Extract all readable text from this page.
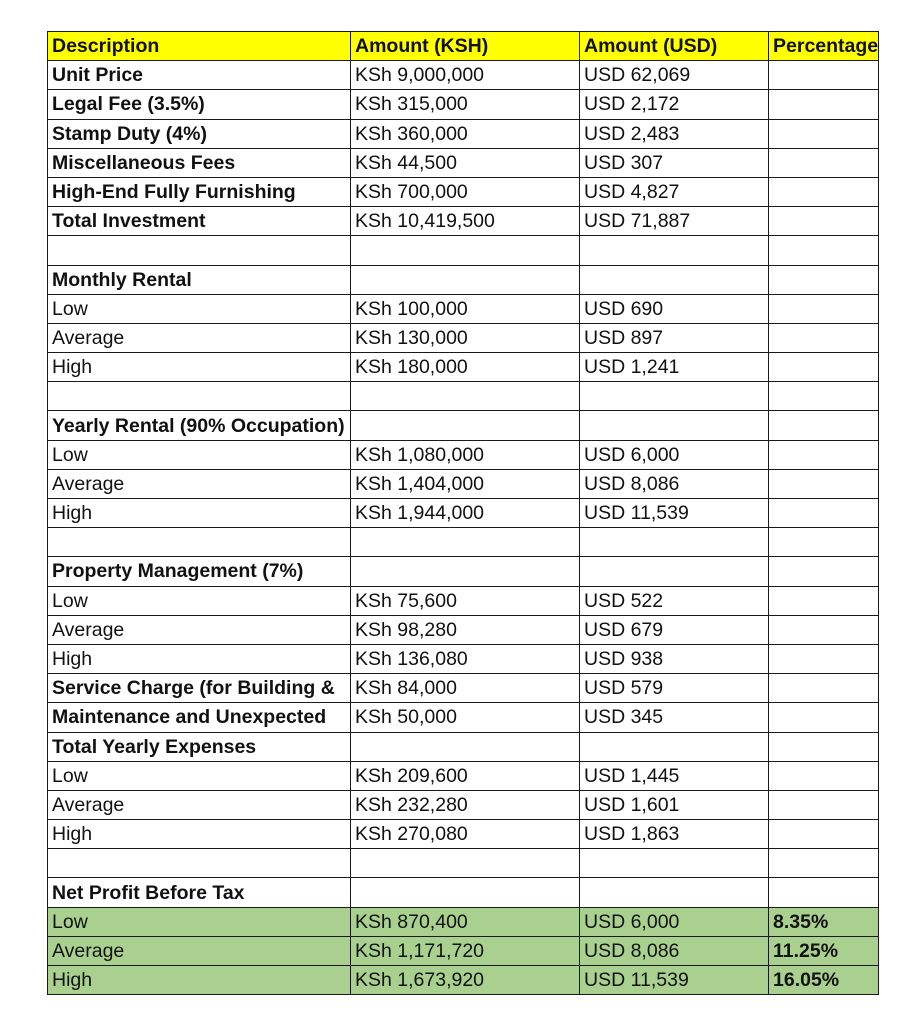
Description	Amount (KSH)	Amount (USD)	Percentage
Unit Price	KSh 9,000,000	USD 62,069	
Legal Fee (3.5%)	KSh 315,000	USD 2,172	
Stamp Duty (4%)	KSh 360,000	USD 2,483	
Miscellaneous Fees	KSh 44,500	USD 307	
High-End Fully Furnishing	KSh 700,000	USD 4,827	
Total Investment	KSh 10,419,500	USD 71,887	

Monthly Rental			
Low	KSh 100,000	USD 690	
Average	KSh 130,000	USD 897	
High	KSh 180,000	USD 1,241	

Yearly Rental (90% Occupation)			
Low	KSh 1,080,000	USD 6,000	
Average	KSh 1,404,000	USD 8,086	
High	KSh 1,944,000	USD 11,539	

Property Management (7%)			
Low	KSh 75,600	USD 522	
Average	KSh 98,280	USD 679	
High	KSh 136,080	USD 938	
Service Charge (for Building &	KSh 84,000	USD 579	
Maintenance and Unexpected	KSh 50,000	USD 345	
Total Yearly Expenses			
Low	KSh 209,600	USD 1,445	
Average	KSh 232,280	USD 1,601	
High	KSh 270,080	USD 1,863	

Net Profit Before Tax			
Low	KSh 870,400	USD 6,000	8.35%
Average	KSh 1,171,720	USD 8,086	11.25%
High	KSh 1,673,920	USD 11,539	16.05%
